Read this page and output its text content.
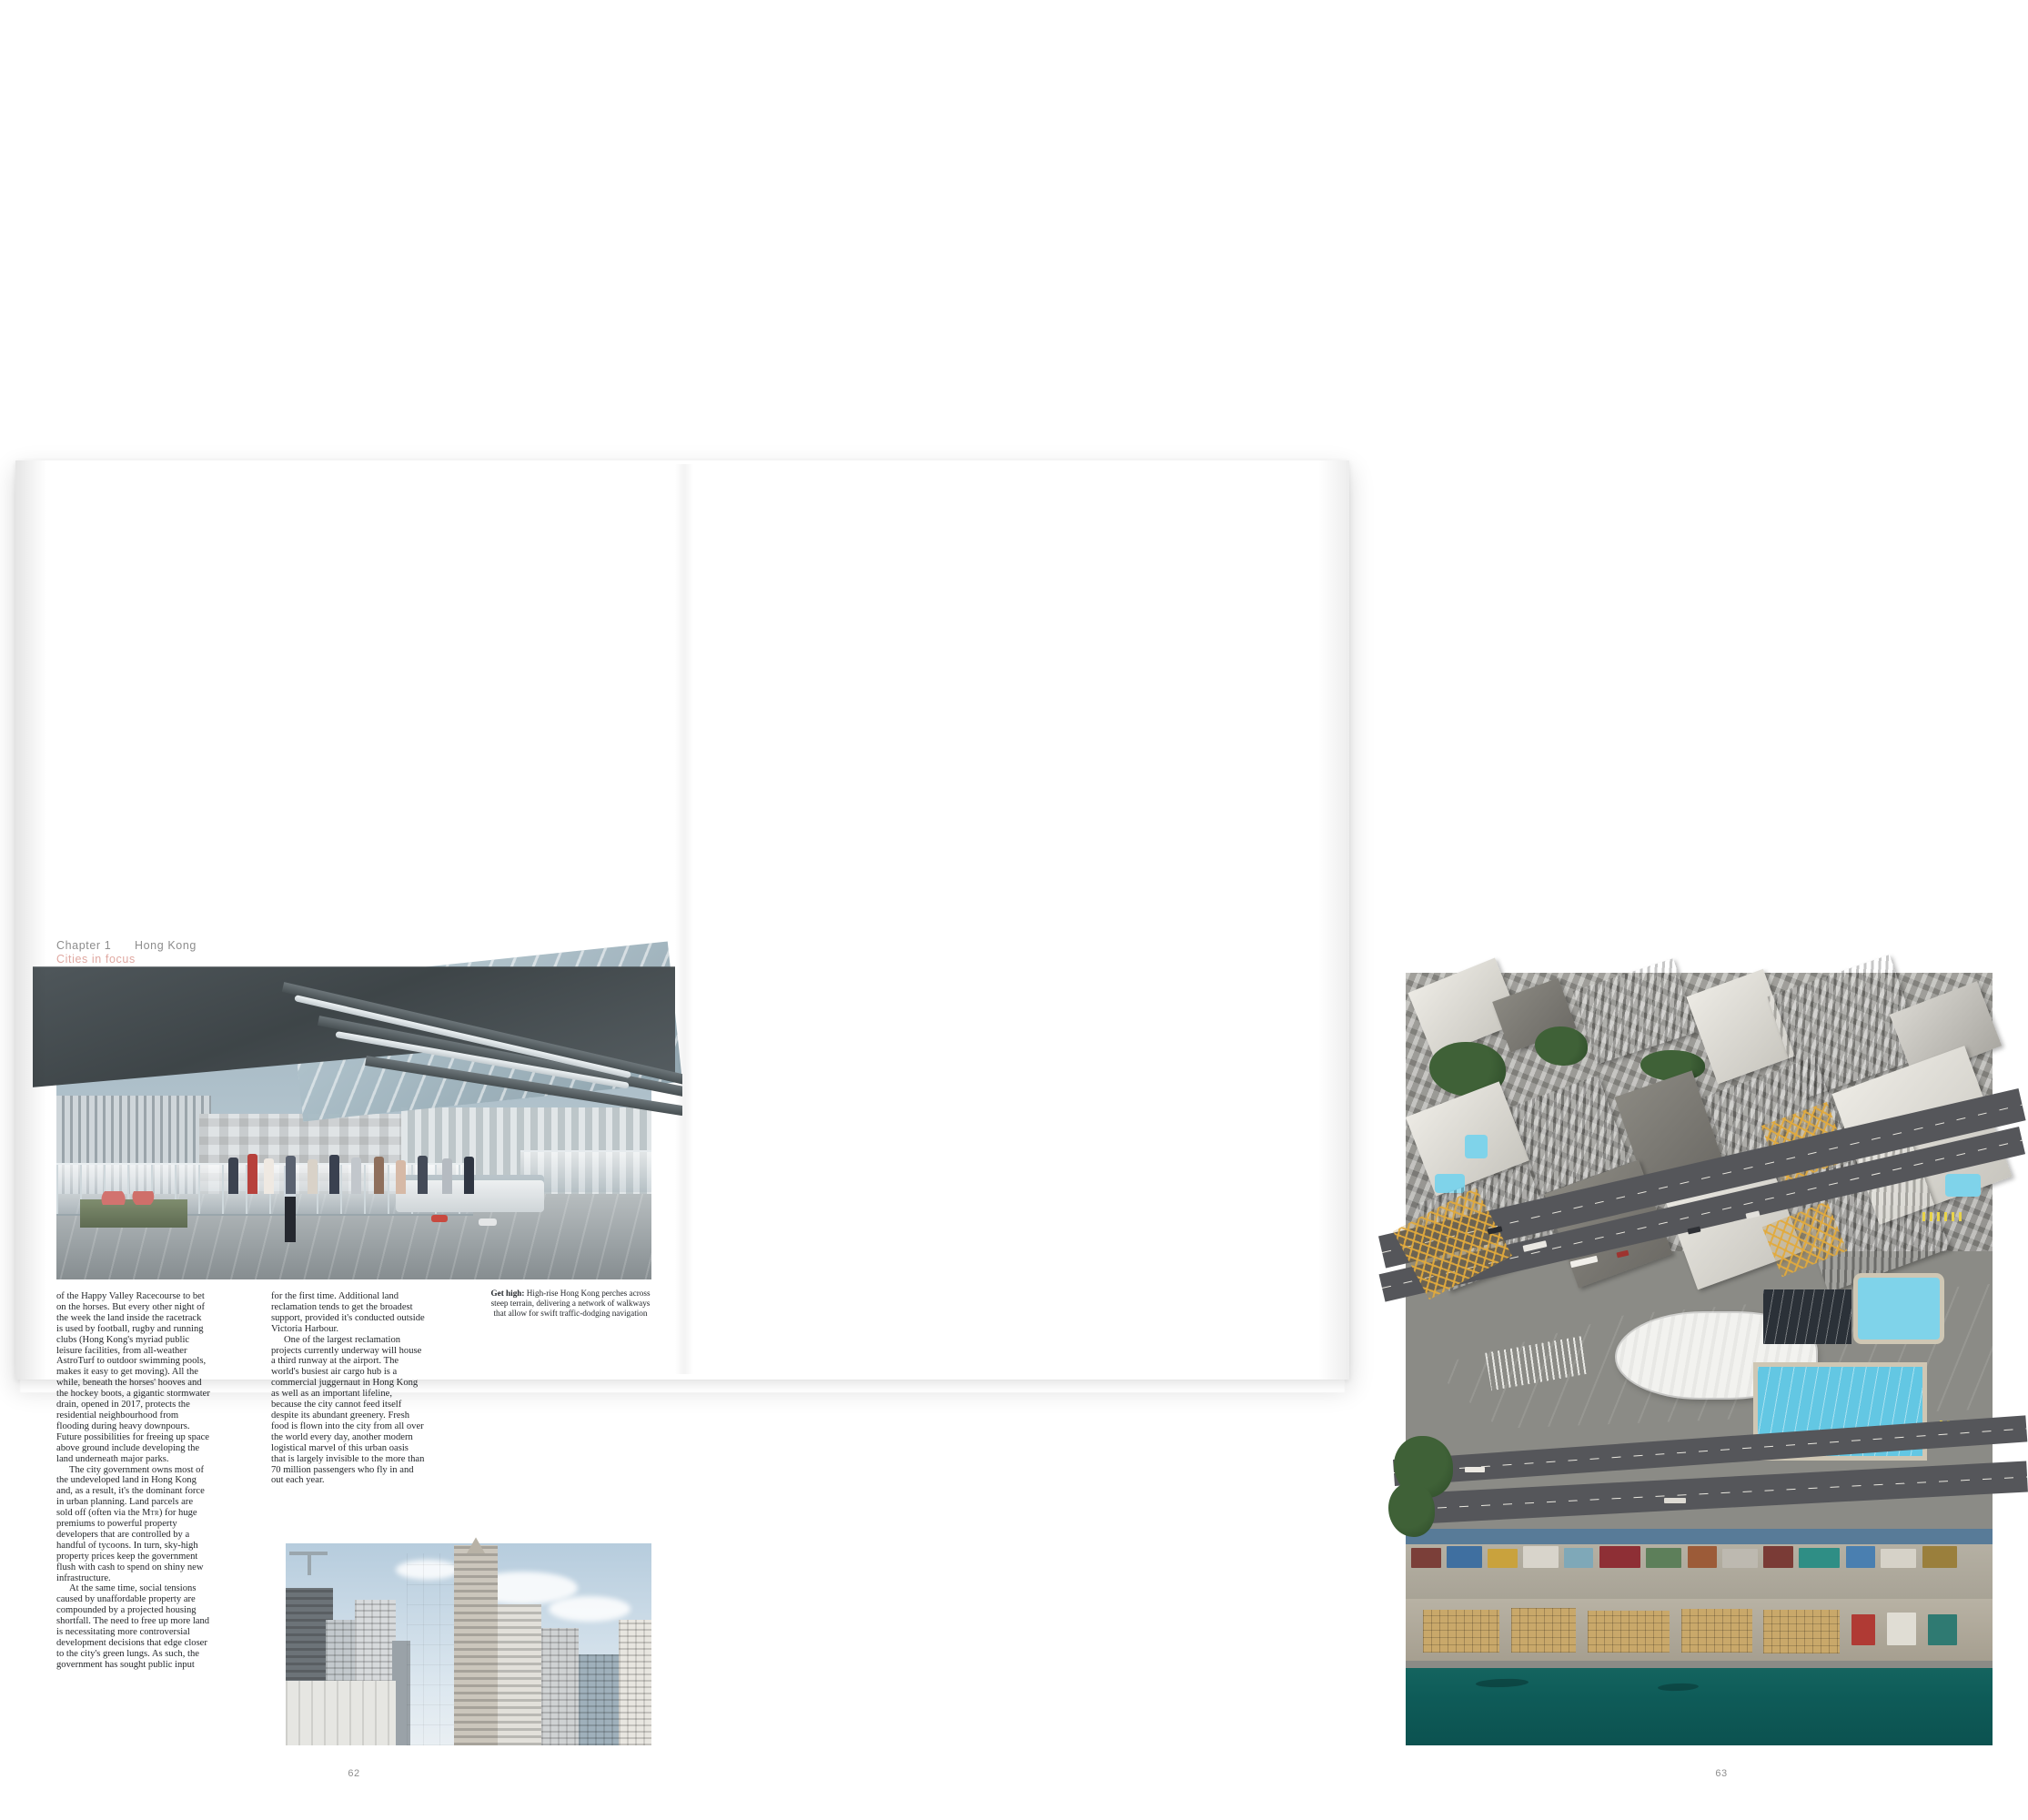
Chapter 1	Hong Kong
Cities in focus

of the Happy Valley Racecourse to bet on the horses. But every other night of the week the land inside the racetrack is used by football, rugby and running clubs (Hong Kong's myriad public leisure facilities, from all-weather AstroTurf to outdoor swimming pools, makes it easy to get moving). All the while, beneath the horses' hooves and the hockey boots, a gigantic stormwater drain, opened in 2017, protects the residential neighbourhood from flooding during heavy downpours. Future possibilities for freeing up space above ground include developing the land underneath major parks.

The city government owns most of the undeveloped land in Hong Kong and, as a result, it's the dominant force in urban planning. Land parcels are sold off (often via the Mtr) for huge premiums to powerful property developers that are controlled by a handful of tycoons. In turn, sky-high property prices keep the government flush with cash to spend on shiny new infrastructure.

At the same time, social tensions caused by unaffordable property are compounded by a projected housing shortfall. The need to free up more land is necessitating more controversial development decisions that edge closer to the city's green lungs. As such, the government has sought public input

for the first time. Additional land reclamation tends to get the broadest support, provided it's conducted outside Victoria Harbour.

One of the largest reclamation projects currently underway will house a third runway at the airport. The world's busiest air cargo hub is a commercial juggernaut in Hong Kong as well as an important lifeline, because the city cannot feed itself despite its abundant greenery. Fresh food is flown into the city from all over the world every day, another modern logistical marvel of this urban oasis that is largely invisible to the more than 70 million passengers who fly in and out each year.

Get high: High-rise Hong Kong perches across steep terrain, delivering a network of walkways that allow for swift traffic-dodging navigation
62	63
